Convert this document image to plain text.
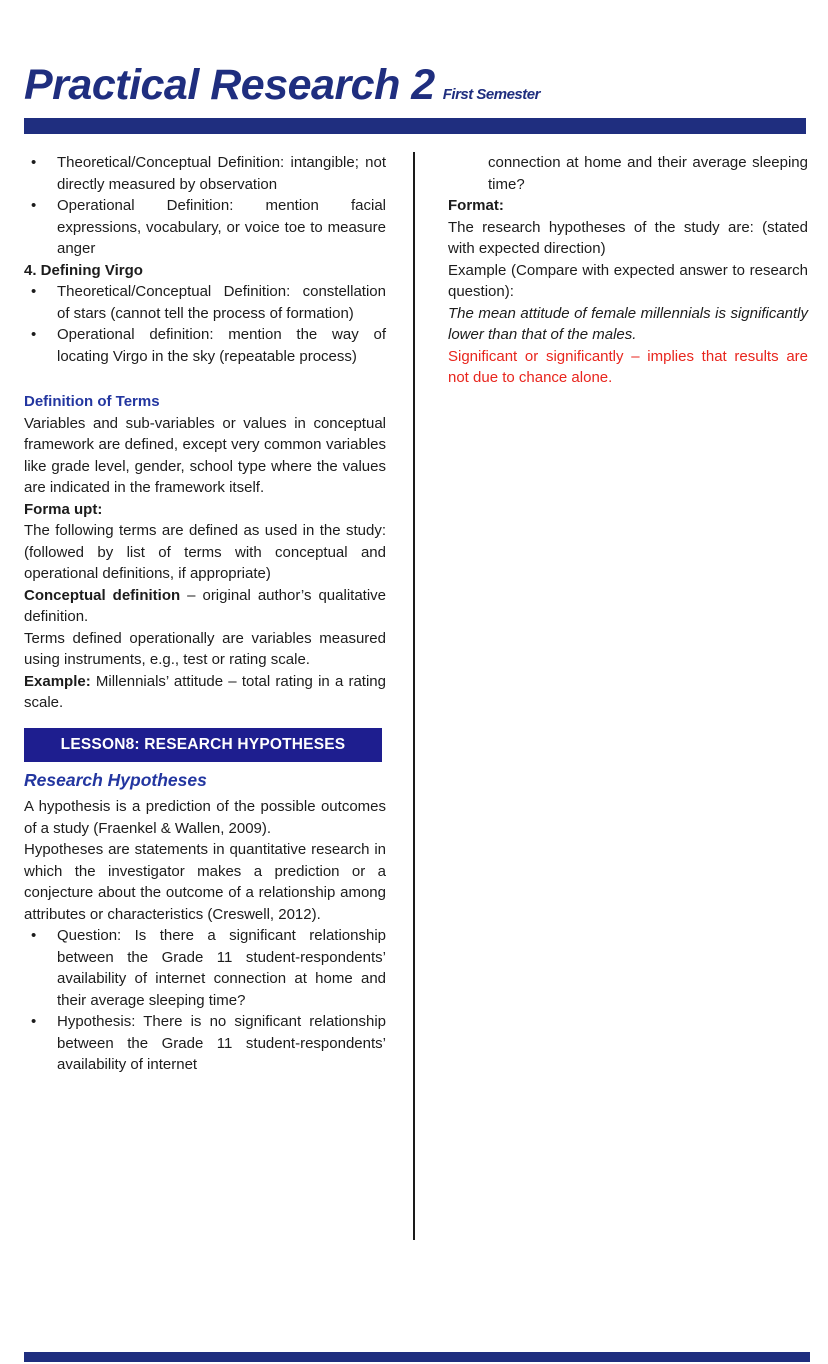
Practical Research 2 First Semester
• Theoretical/Conceptual Definition: intangible; not directly measured by observation

• Operational Definition: mention facial expressions, vocabulary, or voice toe to measure anger

4. Defining Virgo

• Theoretical/Conceptual Definition: constellation of stars (cannot tell the process of formation)

• Operational definition: mention the way of locating Virgo in the sky (repeatable process)

Definition of Terms

Variables and sub-variables or values in conceptual framework are defined, except very common variables like grade level, gender, school type where the values are indicated in the framework itself.

Forma upt:

The following terms are defined as used in the study: (followed by list of terms with conceptual and operational definitions, if appropriate)

Conceptual definition – original author’s qualitative definition.

Terms defined operationally are variables measured using instruments, e.g., test or rating scale.

Example: Millennials’ attitude – total rating in a rating scale.

LESSON8: RESEARCH HYPOTHESES

Research Hypotheses

A hypothesis is a prediction of the possible outcomes of a study (Fraenkel & Wallen, 2009).

Hypotheses are statements in quantitative research in which the investigator makes a prediction or a conjecture about the outcome of a relationship among attributes or characteristics (Creswell, 2012).

• Question: Is there a significant relationship between the Grade 11 student-respondents’ availability of internet connection at home and their average sleeping time?

• Hypothesis: There is no significant relationship between the Grade 11 student-respondents’ availability of internet

connection at home and their average sleeping time?

Format:

The research hypotheses of the study are: (stated with expected direction)

Example (Compare with expected answer to research question):

The mean attitude of female millennials is significantly lower than that of the males.

Significant or significantly – implies that results are not due to chance alone.
